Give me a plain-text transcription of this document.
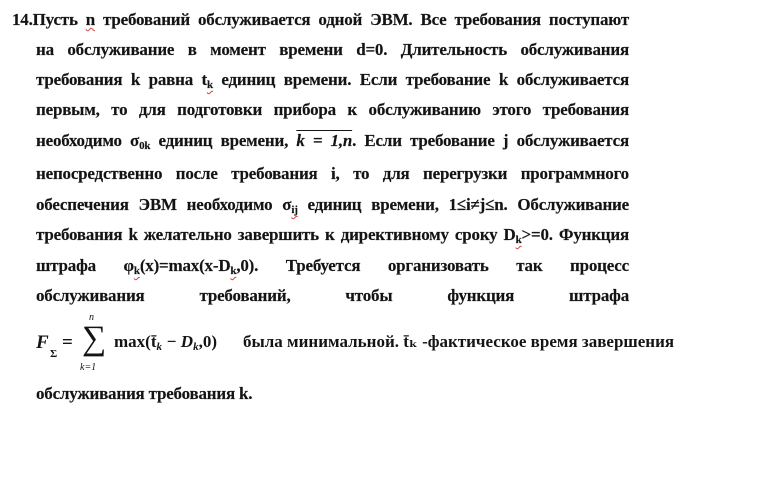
14.Пусть n требований обслуживается одной ЭВМ. Все требования поступают
на обслуживание в момент времени d=0. Длительность обслуживания
требования k равна tk единиц времени. Если требование k обслуживается
первым, то для подготовки прибора к обслуживанию этого требования
необходимо σ0k единиц времени, k = 1,n. Если требование j обслуживается
непосредственно после требования i, то для перегрузки программного
обеспечения ЭВМ необходимо σij единиц времени, 1≤i≠j≤n. Обслуживание
требования k желательно завершить к директивному сроку Dk>=0. Функция
штрафа φk(x)=max(x-Dk,0). Требуется организовать так процесс
обслуживания требований, чтобы функция штрафа
F
Σ
=
n
∑
k=1
max(t̄k − Dk,0) была минимальной. t̄ₖ -фактическое время завершения
обслуживания требования k.
